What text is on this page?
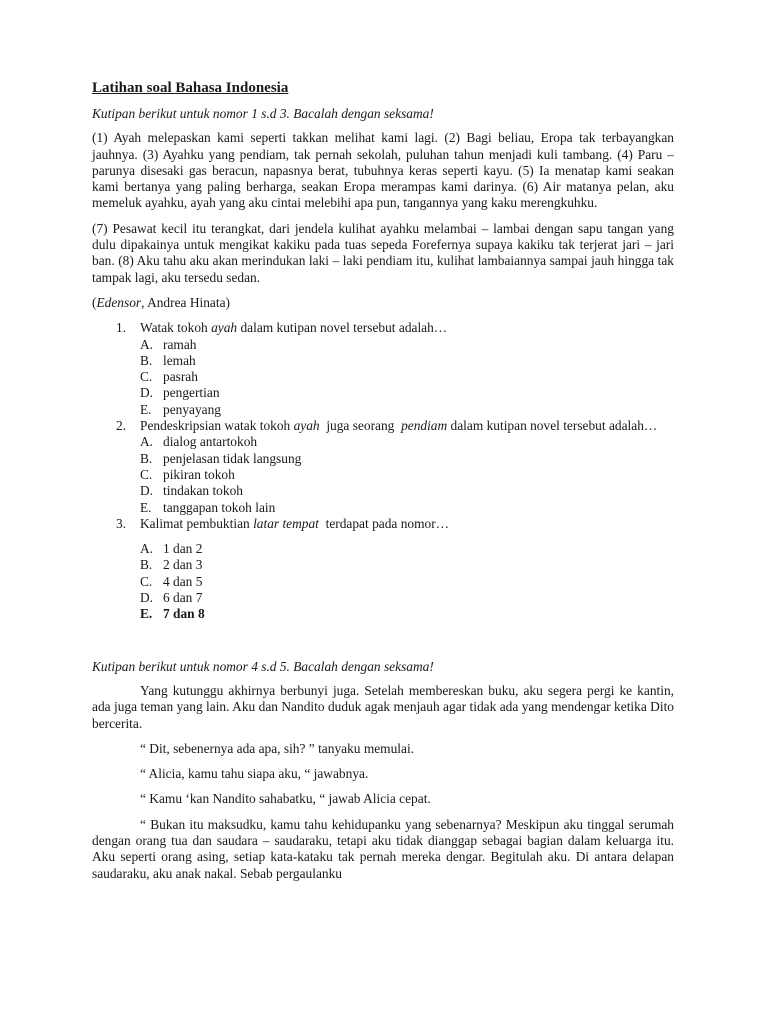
Latihan soal Bahasa Indonesia
Kutipan berikut untuk nomor 1 s.d 3. Bacalah dengan seksama!

(1) Ayah melepaskan kami seperti takkan melihat kami lagi. (2) Bagi beliau, Eropa tak terbayangkan jauhnya. (3) Ayahku yang pendiam, tak pernah sekolah, puluhan tahun menjadi kuli tambang. (4) Paru – parunya disesaki gas beracun, napasnya berat, tubuhnya keras seperti kayu. (5) Ia menatap kami seakan kami bertanya yang paling berharga, seakan Eropa merampas kami darinya. (6) Air matanya pelan, aku memeluk ayahku, ayah yang aku cintai melebihi apa pun, tangannya yang kaku merengkuhku.

(7) Pesawat kecil itu terangkat, dari jendela kulihat ayahku melambai – lambai dengan sapu tangan yang dulu dipakainya untuk mengikat kakiku pada tuas sepeda Forefernya supaya kakiku tak terjerat jari – jari ban. (8) Aku tahu aku akan merindukan laki – laki pendiam itu, kulihat lambaiannya sampai jauh hingga tak tampak lagi, aku tersedu sedan.

(Edensor, Andrea Hinata)

1. Watak tokoh ayah dalam kutipan novel tersebut adalah…
A. ramah
B. lemah
C. pasrah
D. pengertian
E. penyayang
2. Pendeskripsian watak tokoh ayah  juga seorang  pendiam dalam kutipan novel tersebut adalah…
A. dialog antartokoh
B. penjelasan tidak langsung
C. pikiran tokoh
D. tindakan tokoh
E. tanggapan tokoh lain
3. Kalimat pembuktian latar tempat  terdapat pada nomor…
A. 1 dan 2
B. 2 dan 3
C. 4 dan 5
D. 6 dan 7
E. 7 dan 8
Kutipan berikut untuk nomor 4 s.d 5. Bacalah dengan seksama!

Yang kutunggu akhirnya berbunyi juga. Setelah membereskan buku, aku segera pergi ke kantin, ada juga teman yang lain. Aku dan Nandito duduk agak menjauh agar tidak ada yang mendengar ketika Dito bercerita.

“ Dit, sebenernya ada apa, sih? ” tanyaku memulai.

“ Alicia, kamu tahu siapa aku, “ jawabnya.

“ Kamu ‘kan Nandito sahabatku, “ jawab Alicia cepat.

“ Bukan itu maksudku, kamu tahu kehidupanku yang sebenarnya? Meskipun aku tinggal serumah dengan orang tua dan saudara – saudaraku, tetapi aku tidak dianggap sebagai bagian dalam keluarga itu. Aku seperti orang asing, setiap kata-kataku tak pernah mereka dengar. Begitulah aku. Di antara delapan saudaraku, aku anak nakal. Sebab pergaulanku
